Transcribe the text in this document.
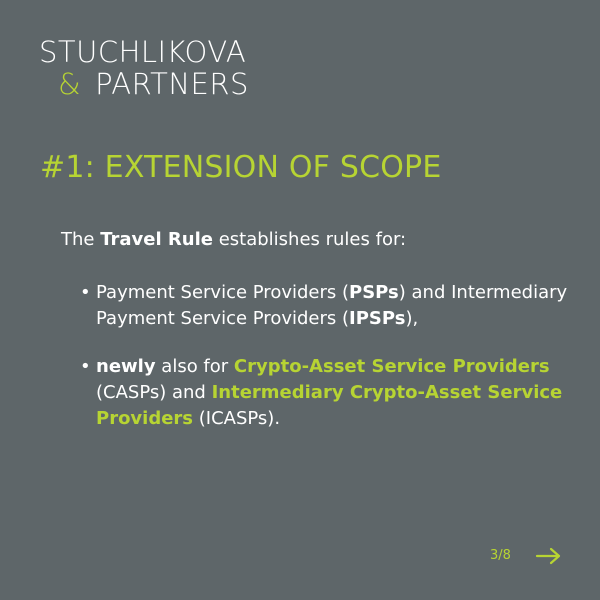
STUCHLIKOVA
& PARTNERS
#1: EXTENSION OF SCOPE
The Travel Rule establishes rules for:
• Payment Service Providers (PSPs) and Intermediary Payment Service Providers (IPSPs),
• newly also for Crypto-Asset Service Providers (CASPs) and Intermediary Crypto-Asset Service Providers (ICASPs).
3/8
